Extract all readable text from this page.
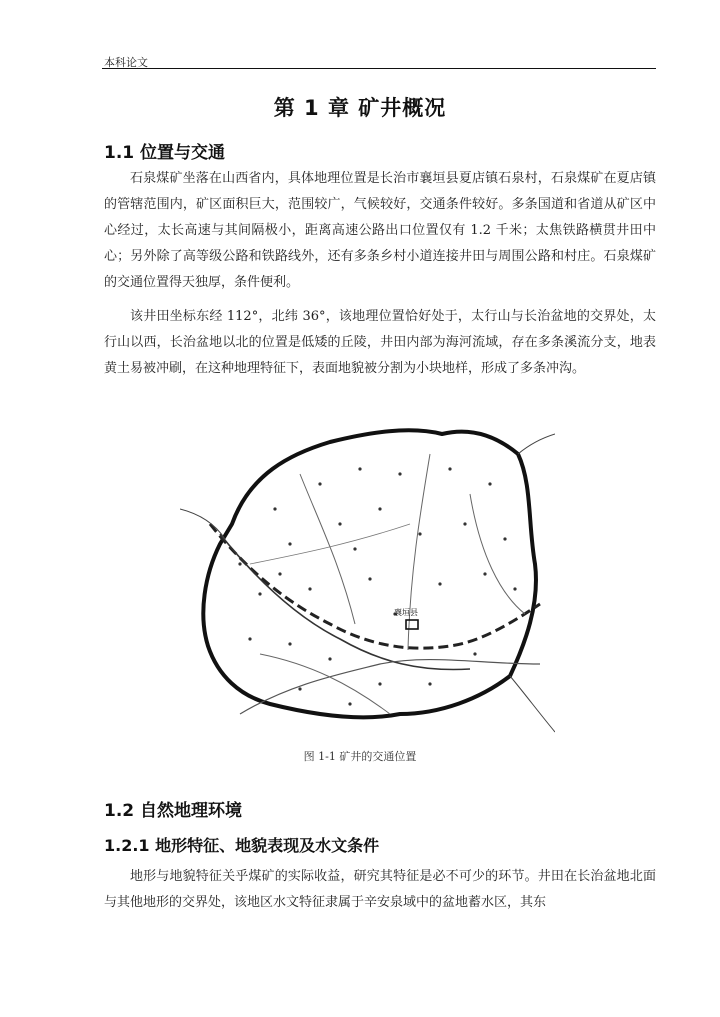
本科论文
第 1 章 矿井概况
1.1 位置与交通
石泉煤矿坐落在山西省内，具体地理位置是长治市襄垣县夏店镇石泉村，石泉煤矿在夏店镇的管辖范围内，矿区面积巨大，范围较广，气候较好，交通条件较好。多条国道和省道从矿区中心经过，太长高速与其间隔极小，距离高速公路出口位置仅有 1.2 千米；太焦铁路横贯井田中心；另外除了高等级公路和铁路线外，还有多条乡村小道连接井田与周围公路和村庄。石泉煤矿的交通位置得天独厚，条件便利。
该井田坐标东经 112°，北纬 36°，该地理位置恰好处于，太行山与长治盆地的交界处，太行山以西，长治盆地以北的位置是低矮的丘陵，井田内部为海河流域，存在多条溪流分支，地表黄土易被冲刷，在这种地理特征下，表面地貌被分割为小块地样，形成了多条冲沟。
襄垣县
图 1-1 矿井的交通位置
1.2 自然地理环境
1.2.1 地形特征、地貌表现及水文条件
地形与地貌特征关乎煤矿的实际收益，研究其特征是必不可少的环节。井田在长治盆地北面与其他地形的交界处，该地区水文特征隶属于辛安泉域中的盆地蓄水区，其东
